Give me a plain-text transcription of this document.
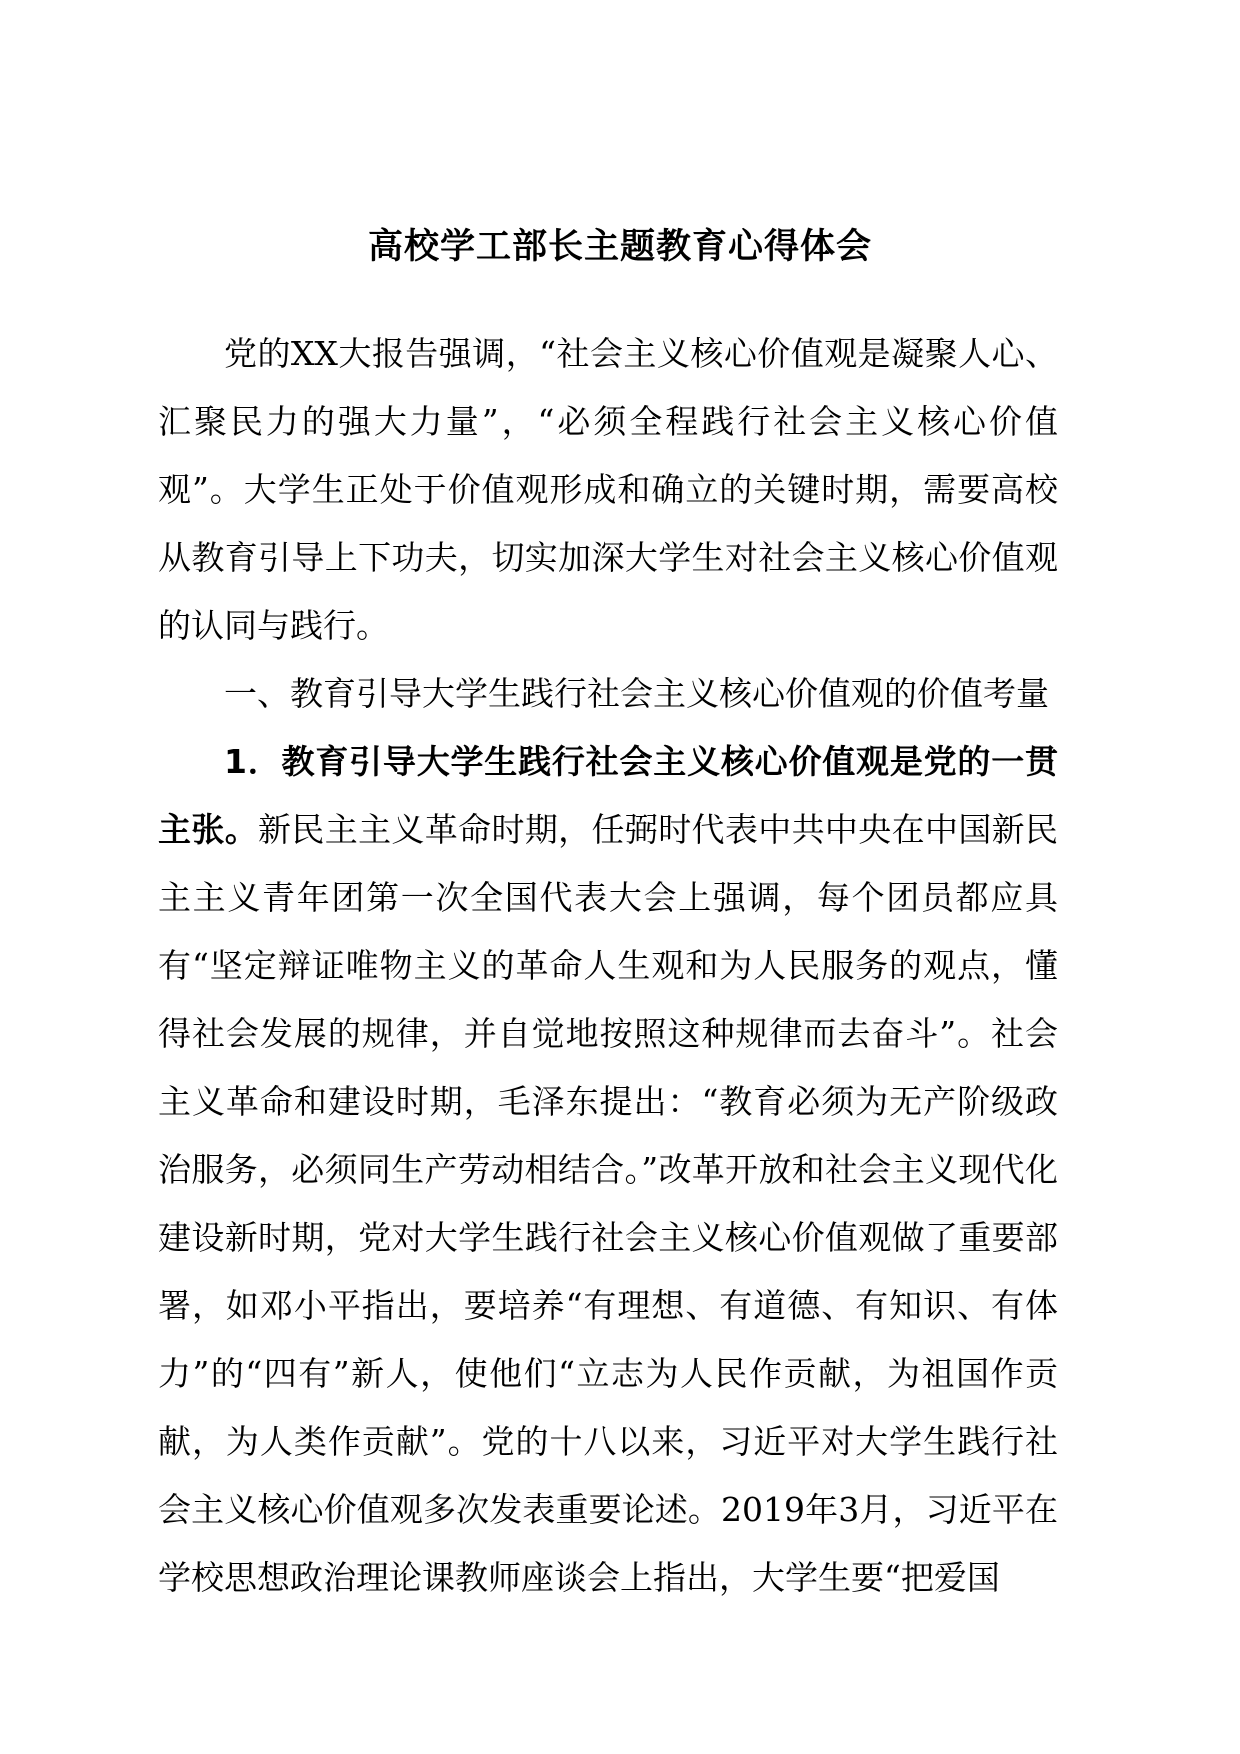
高校学工部长主题教育心得体会

党的XX大报告强调，“社会主义核心价值观是凝聚人心、汇聚民力的强大力量”，“必须全程践行社会主义核心价值观”。大学生正处于价值观形成和确立的关键时期，需要高校从教育引导上下功夫，切实加深大学生对社会主义核心价值观的认同与践行。

一、教育引导大学生践行社会主义核心价值观的价值考量

1．教育引导大学生践行社会主义核心价值观是党的一贯主张。新民主主义革命时期，任弼时代表中共中央在中国新民主主义青年团第一次全国代表大会上强调，每个团员都应具有“坚定辩证唯物主义的革命人生观和为人民服务的观点，懂得社会发展的规律，并自觉地按照这种规律而去奋斗”。社会主义革命和建设时期，毛泽东提出：“教育必须为无产阶级政治服务，必须同生产劳动相结合。”改革开放和社会主义现代化建设新时期，党对大学生践行社会主义核心价值观做了重要部署，如邓小平指出，要培养“有理想、有道德、有知识、有体力”的“四有”新人，使他们“立志为人民作贡献，为祖国作贡献，为人类作贡献”。党的十八以来，习近平对大学生践行社会主义核心价值观多次发表重要论述。2019年3月，习近平在学校思想政治理论课教师座谈会上指出，大学生要“把爱国
